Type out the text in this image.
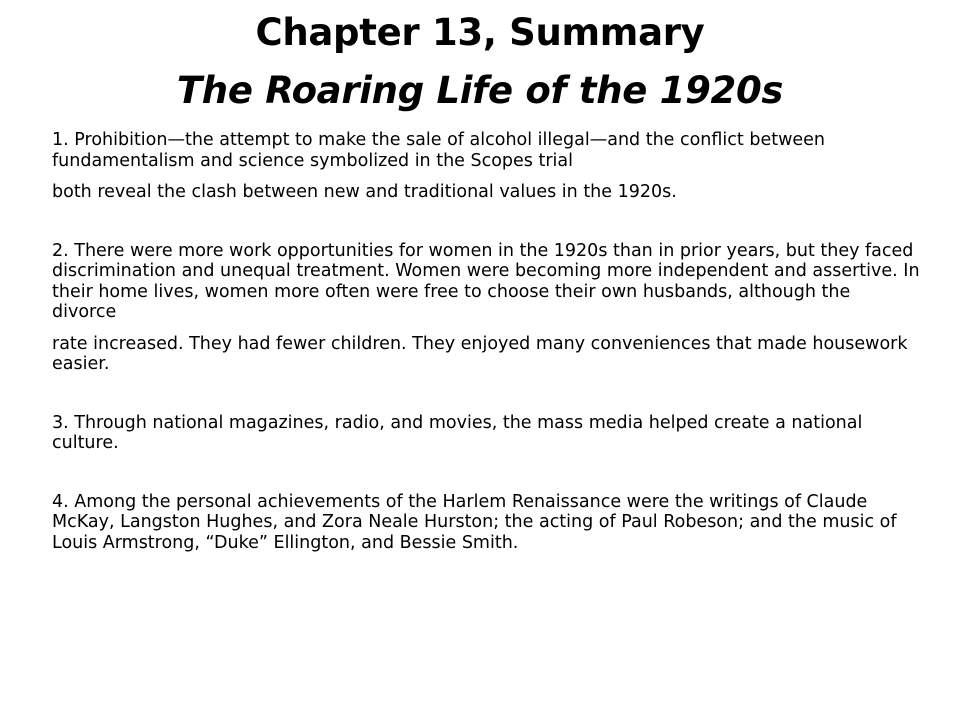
Chapter 13, Summary
The Roaring Life of the 1920s

1. Prohibition—the attempt to make the sale of alcohol illegal—and the conflict between fundamentalism and science symbolized in the Scopes trial

both reveal the clash between new and traditional values in the 1920s.

2. There were more work opportunities for women in the 1920s than in prior years, but they faced discrimination and unequal treatment. Women were becoming more independent and assertive. In their home lives, women more often were free to choose their own husbands, although the divorce

rate increased. They had fewer children. They enjoyed many conveniences that made housework easier.

3. Through national magazines, radio, and movies, the mass media helped create a national culture.

4. Among the personal achievements of the Harlem Renaissance were the writings of Claude McKay, Langston Hughes, and Zora Neale Hurston; the acting of Paul Robeson; and the music of Louis Armstrong, “Duke” Ellington, and Bessie Smith.
